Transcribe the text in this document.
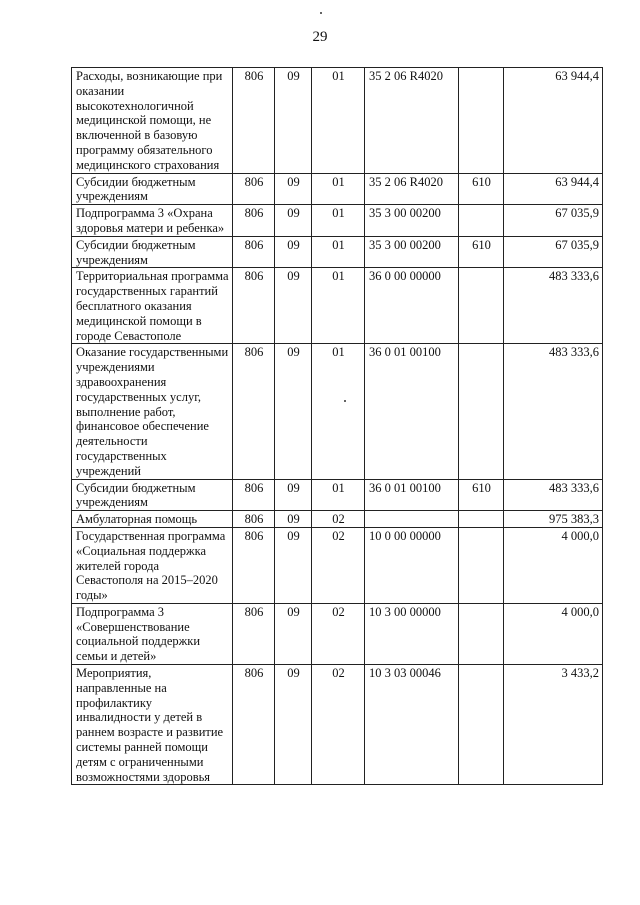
29
Расходы, возникающие при оказании высокотехнологичной медицинской помощи, не включенной в базовую программу обязательного медицинского страхования	806	09	01	35 2 06 R4020		63 944,4
Субсидии бюджетным учреждениям	806	09	01	35 2 06 R4020	610	63 944,4
Подпрограмма 3 «Охрана здоровья матери и ребенка»	806	09	01	35 3 00 00200		67 035,9
Субсидии бюджетным учреждениям	806	09	01	35 3 00 00200	610	67 035,9
Территориальная программа государственных гарантий бесплатного оказания медицинской помощи в городе Севастополе	806	09	01	36 0 00 00000		483 333,6
Оказание государственными учреждениями здравоохранения государственных услуг, выполнение работ, финансовое обеспечение деятельности государственных учреждений	806	09	01	36 0 01 00100		483 333,6
Субсидии бюджетным учреждениям	806	09	01	36 0 01 00100	610	483 333,6
Амбулаторная помощь	806	09	02			975 383,3
Государственная программа «Социальная поддержка жителей города Севастополя на 2015–2020 годы»	806	09	02	10 0 00 00000		4 000,0
Подпрограмма 3 «Совершенствование социальной поддержки семьи и детей»	806	09	02	10 3 00 00000		4 000,0
Мероприятия, направленные на профилактику инвалидности у детей в раннем возрасте и развитие системы ранней помощи детям с ограниченными возможностями здоровья	806	09	02	10 3 03 00046		3 433,2
